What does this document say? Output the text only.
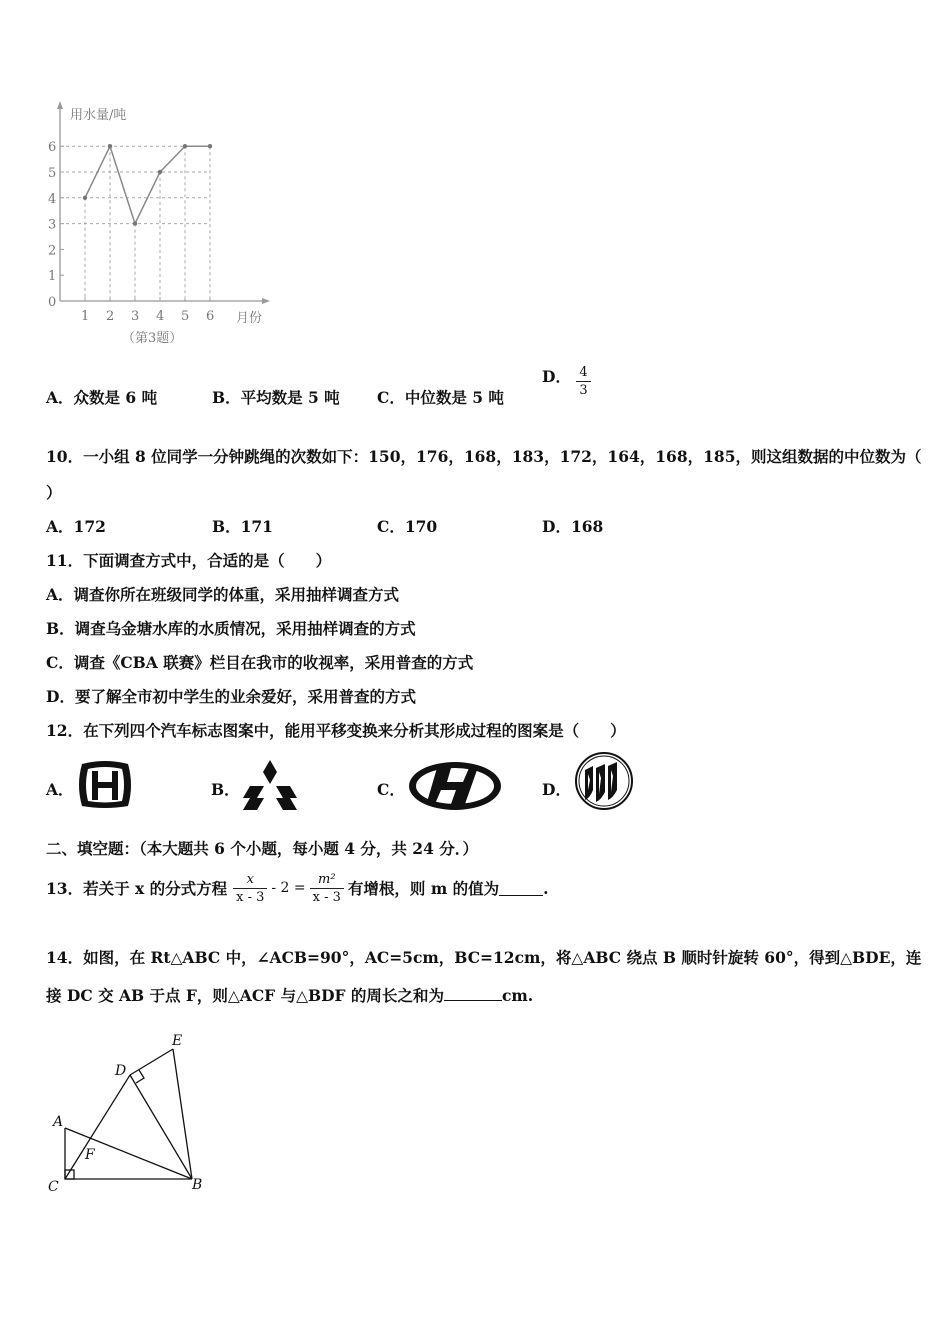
0
1
2
3
4
5
6
1 2 3 4 5 6
用水量/吨
月份
（第3题）
A．众数是 6 吨	B．平均数是 5 吨 C．中位数是 5 吨
D． $\frac{4}{3}$
10．一小组 8 位同学一分钟跳绳的次数如下：150，176，168，183，172，164，168，185，则这组数据的中位数为（
）
A．172	B．171	C．170	D．168
11．下面调查方式中，合适的是（　　）
A．调查你所在班级同学的体重，采用抽样调查方式
B．调查乌金塘水库的水质情况，采用抽样调查的方式
C．调查《CBA 联赛》栏目在我市的收视率，采用普查的方式
D．要了解全市初中学生的业余爱好，采用普查的方式
12．在下列四个汽车标志图案中，能用平移变换来分析其形成过程的图案是（　　）
A．	B．	C．	D．
二、填空题：（本大题共 6 个小题，每小题 4 分，共 24 分．）
13．若关于 x 的分式方程 $\frac{x}{x - 3} - 2 = \frac{\text{m²}}{x - 3}$ 有增根，则 m 的值为	.
14．如图，在 Rt△ABC 中，∠ACB=90°，AC=5cm，BC=12cm，将△ABC 绕点 B 顺时针旋转 60°，得到△BDE，连
接 DC 交 AB 于点 F，则△ACF 与△BDF 的周长之和为	cm.
E
D
A
F
C	B
